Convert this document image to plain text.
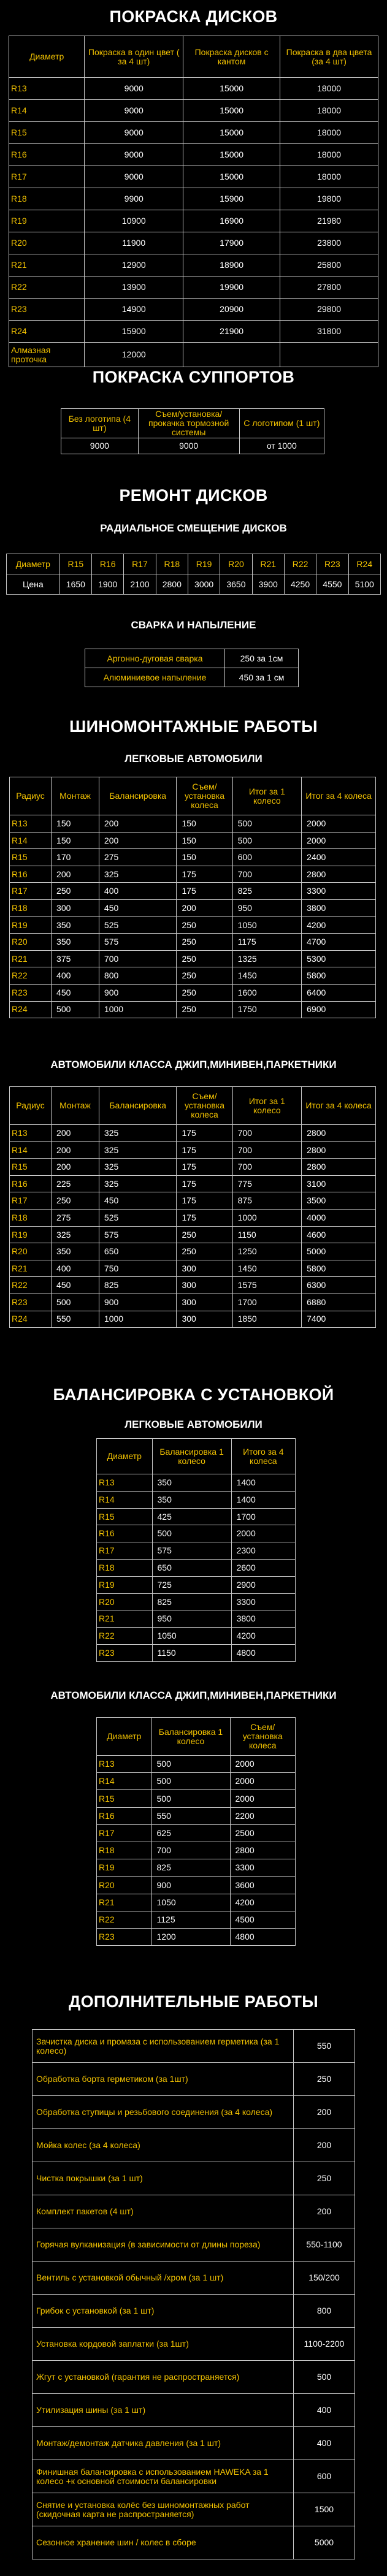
ПОКРАСКА ДИСКОВ
Диаметр	Покраска в один цвет ( за 4 шт)	Покраска дисков с кантом	Покраска в два цвета (за 4 шт)
R13	9000	15000	18000
R14	9000	15000	18000
R15	9000	15000	18000
R16	9000	15000	18000
R17	9000	15000	18000
R18	9900	15900	19800
R19	10900	16900	21980
R20	11900	17900	23800
R21	12900	18900	25800
R22	13900	19900	27800
R23	14900	20900	29800
R24	15900	21900	31800
Алмазная проточка	12000		
ПОКРАСКА СУППОРТОВ
Без логотипа (4 шт)	Съем/установка/ прокачка тормозной системы	С логотипом (1 шт)
9000	9000	от 1000
РЕМОНТ ДИСКОВ
РАДИАЛЬНОЕ СМЕЩЕНИЕ ДИСКОВ
Диаметр	R15	R16	R17	R18	R19	R20	R21	R22	R23	R24
Цена	1650	1900	2100	2800	3000	3650	3900	4250	4550	5100
СВАРКА И НАПЫЛЕНИЕ
Аргонно-дуговая сварка	250 за 1см
Алюминиевое напыление	450 за 1 см
ШИНОМОНТАЖНЫЕ РАБОТЫ
ЛЕГКОВЫЕ АВТОМОБИЛИ
Радиус	Монтаж	Балансировка	Съем/ установка колеса	Итог за 1 колесо	Итог за 4 колеса
R13	150	200	150	500	2000
R14	150	200	150	500	2000
R15	170	275	150	600	2400
R16	200	325	175	700	2800
R17	250	400	175	825	3300
R18	300	450	200	950	3800
R19	350	525	250	1050	4200
R20	350	575	250	1175	4700
R21	375	700	250	1325	5300
R22	400	800	250	1450	5800
R23	450	900	250	1600	6400
R24	500	1000	250	1750	6900
АВТОМОБИЛИ КЛАССА ДЖИП,МИНИВЕН,ПАРКЕТНИКИ
Радиус	Монтаж	Балансировка	Съем/ установка колеса	Итог за 1 колесо	Итог за 4 колеса
R13	200	325	175	700	2800
R14	200	325	175	700	2800
R15	200	325	175	700	2800
R16	225	325	175	775	3100
R17	250	450	175	875	3500
R18	275	525	175	1000	4000
R19	325	575	250	1150	4600
R20	350	650	250	1250	5000
R21	400	750	300	1450	5800
R22	450	825	300	1575	6300
R23	500	900	300	1700	6880
R24	550	1000	300	1850	7400
БАЛАНСИРОВКА С УСТАНОВКОЙ
ЛЕГКОВЫЕ АВТОМОБИЛИ
Диаметр	Балансировка 1 колесо	Итого за 4 колеса
R13	350	1400
R14	350	1400
R15	425	1700
R16	500	2000
R17	575	2300
R18	650	2600
R19	725	2900
R20	825	3300
R21	950	3800
R22	1050	4200
R23	1150	4800
АВТОМОБИЛИ КЛАССА ДЖИП,МИНИВЕН,ПАРКЕТНИКИ
Диаметр	Балансировка 1 колесо	Съем/ установка колеса
R13	500	2000
R14	500	2000
R15	500	2000
R16	550	2200
R17	625	2500
R18	700	2800
R19	825	3300
R20	900	3600
R21	1050	4200
R22	1125	4500
R23	1200	4800
ДОПОЛНИТЕЛЬНЫЕ РАБОТЫ
Зачистка диска и промаза с использованием герметика (за 1 колесо)	550
Обработка борта герметиком (за 1шт)	250
Обработка ступицы и резьбового соединения (за 4 колеса)	200
Мойка колес (за 4 колеса)	200
Чистка покрышки (за 1 шт)	250
Комплект пакетов (4 шт)	200
Горячая вулканизация (в зависимости от длины пореза)	550-1100
Вентиль с установкой обычный /хром (за 1 шт)	150/200
Грибок с установкой (за 1 шт)	800
Установка кордовой заплатки (за 1шт)	1100-2200
Жгут с установкой (гарантия не распространяется)	500
Утилизация шины (за 1 шт)	400
Монтаж/демонтаж датчика давления (за 1 шт)	400
Финишная балансировка с использованием HAWEKA за 1 колесо +к основной стоимости балансировки	600
Снятие и установка колёс без шиномонтажных работ (скидочная карта не распространяется)	1500
Сезонное хранение шин / колес в сборе	5000
